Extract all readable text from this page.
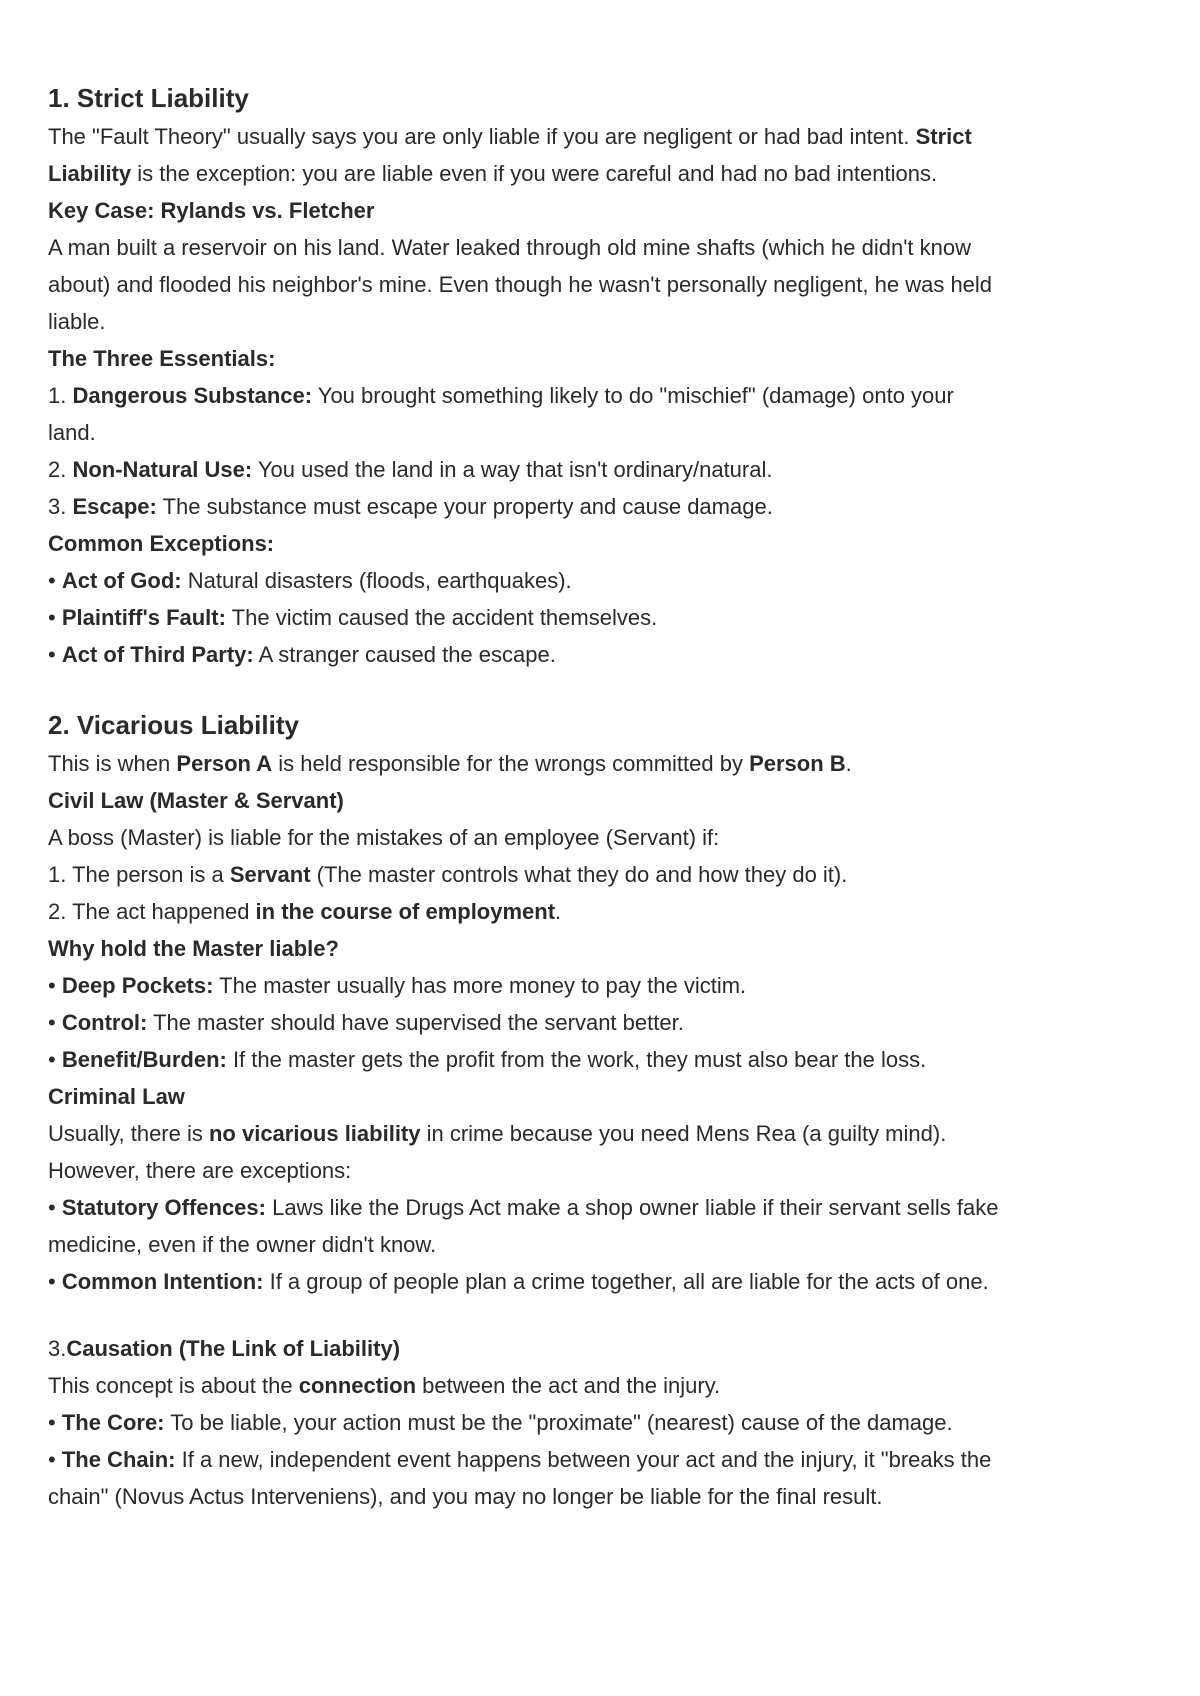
1. Strict Liability
The "Fault Theory" usually says you are only liable if you are negligent or had bad intent. Strict
Liability is the exception: you are liable even if you were careful and had no bad intentions.
Key Case: Rylands vs. Fletcher
A man built a reservoir on his land. Water leaked through old mine shafts (which he didn't know
about) and flooded his neighbor's mine. Even though he wasn't personally negligent, he was held
liable.
The Three Essentials:
1. Dangerous Substance: You brought something likely to do "mischief" (damage) onto your
land.
2. Non-Natural Use: You used the land in a way that isn't ordinary/natural.
3. Escape: The substance must escape your property and cause damage.
Common Exceptions:
• Act of God: Natural disasters (floods, earthquakes).
• Plaintiff's Fault: The victim caused the accident themselves.
• Act of Third Party: A stranger caused the escape.
2. Vicarious Liability
This is when Person A is held responsible for the wrongs committed by Person B.
Civil Law (Master & Servant)
A boss (Master) is liable for the mistakes of an employee (Servant) if:
1. The person is a Servant (The master controls what they do and how they do it).
2. The act happened in the course of employment.
Why hold the Master liable?
• Deep Pockets: The master usually has more money to pay the victim.
• Control: The master should have supervised the servant better.
• Benefit/Burden: If the master gets the profit from the work, they must also bear the loss.
Criminal Law
Usually, there is no vicarious liability in crime because you need Mens Rea (a guilty mind).
However, there are exceptions:
• Statutory Offences: Laws like the Drugs Act make a shop owner liable if their servant sells fake
medicine, even if the owner didn't know.
• Common Intention: If a group of people plan a crime together, all are liable for the acts of one.
3.Causation (The Link of Liability)
This concept is about the connection between the act and the injury.
• The Core: To be liable, your action must be the "proximate" (nearest) cause of the damage.
• The Chain: If a new, independent event happens between your act and the injury, it "breaks the
chain" (Novus Actus Interveniens), and you may no longer be liable for the final result.
